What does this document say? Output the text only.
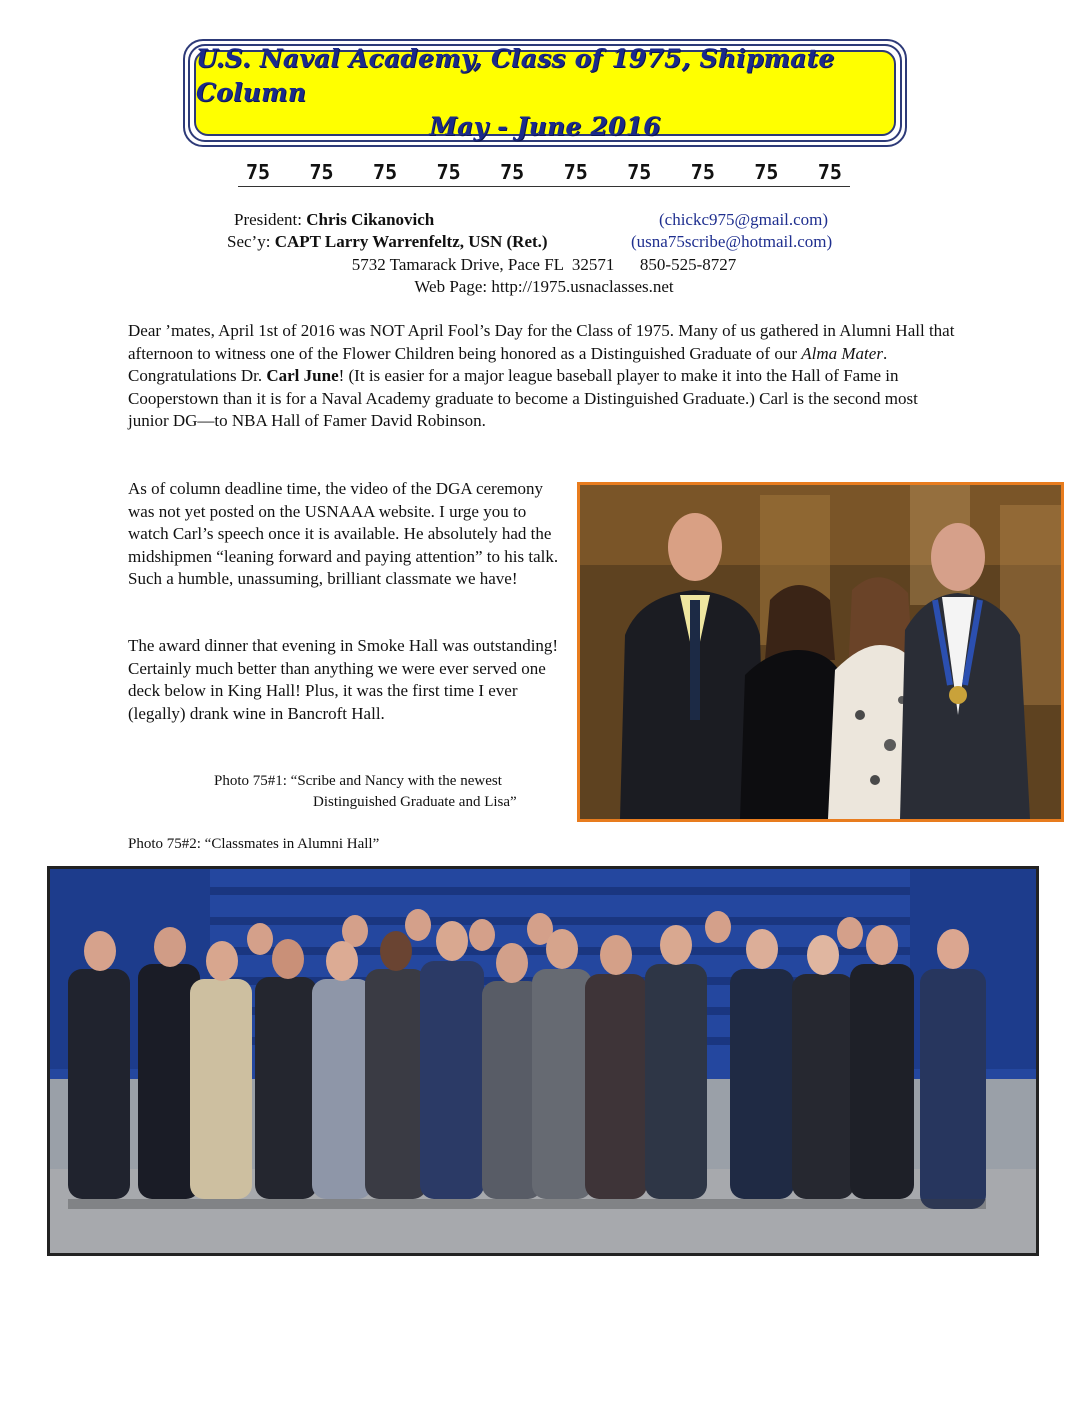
U.S. Naval Academy, Class of 1975, Shipmate Column
May - June 2016
75	75	75	75	75	75	75	75	75	75
President: Chris Cikanovich	(chickc975@gmail.com)
Sec’y: CAPT Larry Warrenfeltz, USN (Ret.)	(usna75scribe@hotmail.com)
5732 Tamarack Drive, Pace FL  32571      850-525-8727
Web Page: http://1975.usnaclasses.net
Dear ’mates, April 1st of 2016 was NOT April Fool’s Day for the Class of 1975. Many of us gathered in Alumni Hall that afternoon to witness one of the Flower Children being honored as a Distinguished Graduate of our Alma Mater. Congratulations Dr. Carl June! (It is easier for a major league baseball player to make it into the Hall of Fame in Cooperstown than it is for a Naval Academy graduate to become a Distinguished Graduate.) Carl is the second most junior DG—to NBA Hall of Famer David Robinson.
As of column deadline time, the video of the DGA ceremony was not yet posted on the USNAAA website. I urge you to watch Carl’s speech once it is available. He absolutely had the midshipmen “leaning forward and paying attention” to his talk. Such a humble, unassuming, brilliant classmate we have!
The award dinner that evening in Smoke Hall was outstanding! Certainly much better than anything we were ever served one deck below in King Hall! Plus, it was the first time I ever (legally) drank wine in Bancroft Hall.
Photo 75#1: “Scribe and Nancy with the newest
Distinguished Graduate and Lisa”
Photo 75#2: “Classmates in Alumni Hall”
